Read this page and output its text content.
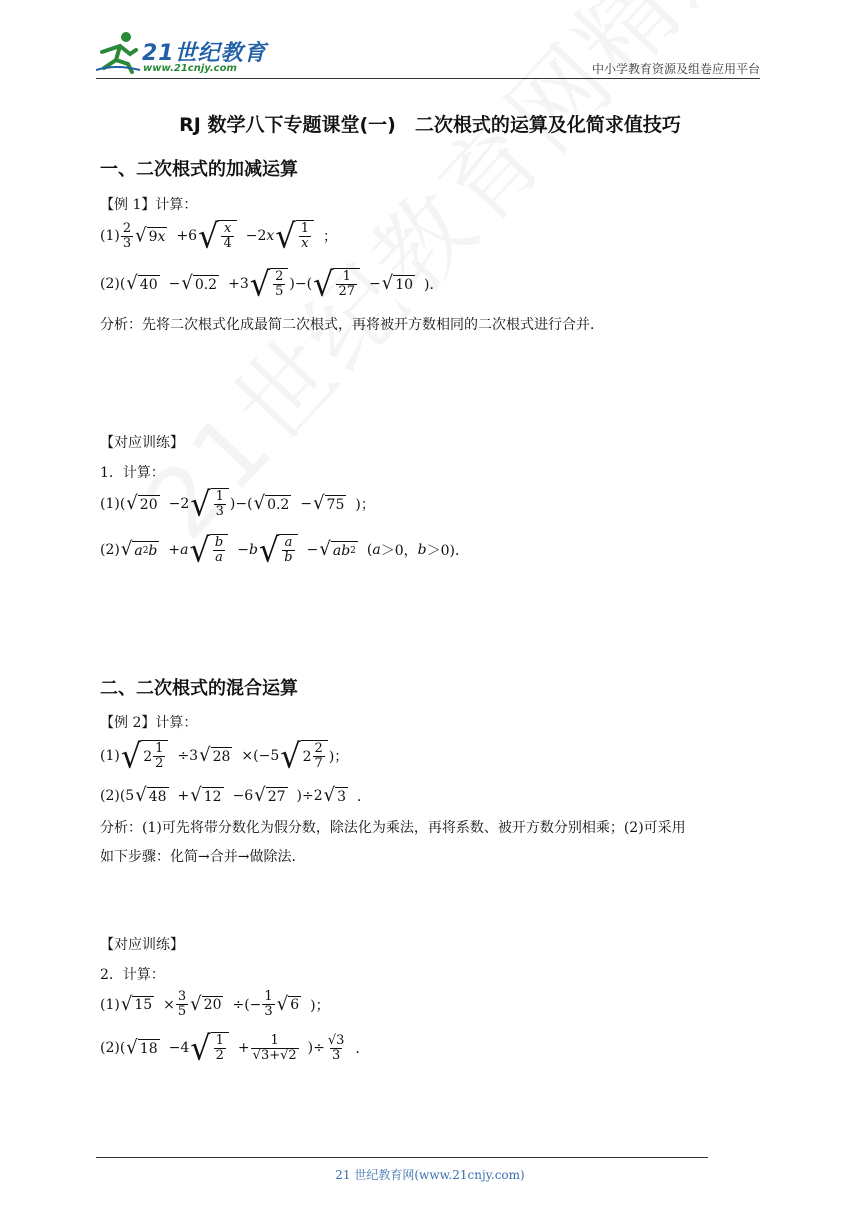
21世纪教育
www.21cnjy.com	中小学教育资源及组卷应用平台
RJ 数学八下专题课堂(一)　二次根式的运算及化简求值技巧
一、二次根式的加减运算
【例 1】计算：
$(1) \frac{2}{3}$ √ 9 x +6 √ $\frac{x}{4} -2$ x √ $\frac{1}{x}$ ；
(2)( √ 40 − √ 0.2 +3 √ $\frac{2}{5}$ )−( √ $\frac{1}{27}$ − √ 10 )．
分析：先将二次根式化成最简二次根式，再将被开方数相同的二次根式进行合并．
【对应训练】
1．计算：
(1)( √ 20 −2 √ $\frac{1}{3}$ )−( √ 0.2 − √ 75 )；
(2) √ a 2 b + a √ $\frac{b}{a} - b$ √ $\frac{a}{b}$ − √ ab 2 ( a ＞0， b ＞0)．
二、二次根式的混合运算
【例 2】计算：
(1) √ $2 \frac{1}{2} \div 3$ √ 28 ×(−5 √ $2 \frac{2}{7}$ )；
(2)(5 √ 48 + √ 12 −6 √ 27 )÷2 √ 3 ．
分析：(1)可先将带分数化为假分数，除法化为乘法，再将系数、被开方数分别相乘；(2)可采用
如下步骤：化简→合并→做除法．
【对应训练】
2．计算：
(1) √ $15 \times \frac{3}{5}$ √ 20 ÷(− $\frac{1}{3}$ √ 6 )；
(2)( √ 18 −4 √ $\frac{1}{2} + \frac{1}{√3+√2}$ )÷ $\frac{√3}{3}$ ．
21 世纪教育网(www.21cnjy.com)
